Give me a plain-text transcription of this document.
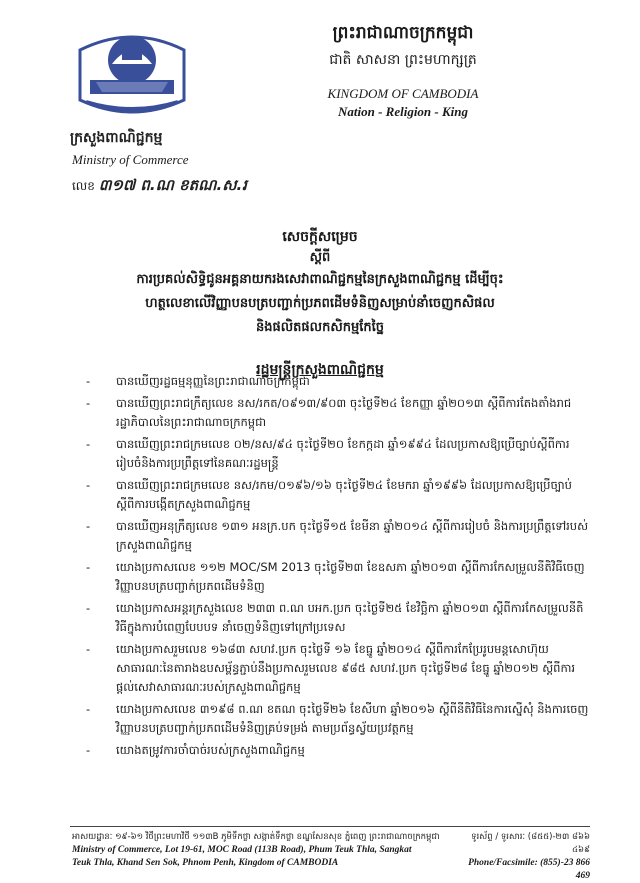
ក្រសួងពាណិជ្ជកម្ម
Ministry of Commerce
លេខ ៣១៧ ព.ណ ខតណ.ស.រ
ព្រះរាជាណាចក្រកម្ពុជា
ជាតិ សាសនា ព្រះមហាក្សត្រ
KINGDOM OF CAMBODIA
Nation - Religion - King
សេចក្តីសម្រេច
ស្តីពី
ការប្រគល់សិទ្ធិជូនអគ្គនាយករងសេវាពាណិជ្ជកម្មនៃក្រសួងពាណិជ្ជកម្ម ដើម្បីចុះ
ហត្ថលេខាលើវិញ្ញាបនបត្របញ្ជាក់ប្រភពដើមទំនិញសម្រាប់នាំចេញកសិផល
និងផលិតផលកសិកម្មកែច្នៃ
រដ្ឋមន្ត្រីក្រសួងពាណិជ្ជកម្ម
- បានឃើញរដ្ឋធម្មនុញ្ញនៃព្រះរាជាណាចក្រកម្ពុជា
- បានឃើញព្រះរាជក្រឹត្យលេខ នស/រកត/០៩១៣/៩០៣ ចុះថ្ងៃទី២៤ ខែកញ្ញា ឆ្នាំ២០១៣ ស្តីពីការតែងតាំងរាជរដ្ឋាភិបាលនៃព្រះរាជាណាចក្រកម្ពុជា
- បានឃើញព្រះរាជក្រមលេខ ០២/នស/៩៤ ចុះថ្ងៃទី២០ ខែកក្កដា ឆ្នាំ១៩៩៤ ដែលប្រកាសឱ្យប្រើច្បាប់ស្តីពីការរៀបចំនិងការប្រព្រឹត្តទៅនៃគណៈរដ្ឋមន្ត្រី
- បានឃើញព្រះរាជក្រមលេខ នស/រកម/០១៩៦/១៦ ចុះថ្ងៃទី២៤ ខែមករា ឆ្នាំ១៩៩៦ ដែលប្រកាសឱ្យប្រើច្បាប់ស្តីពីការបង្កើតក្រសួងពាណិជ្ជកម្ម
- បានឃើញអនុក្រឹត្យលេខ ១៣១ អនក្រ.បក ចុះថ្ងៃទី១៥ ខែមីនា ឆ្នាំ២០១៤ ស្តីពីការរៀបចំ និងការប្រព្រឹត្តទៅរបស់ក្រសួងពាណិជ្ជកម្ម
- យោងប្រកាសលេខ ១១២ MOC/SM 2013 ចុះថ្ងៃទី២៣ ខែឧសភា ឆ្នាំ២០១៣ ស្តីពីការកែសម្រួលនីតិវិធីចេញវិញ្ញាបនបត្របញ្ជាក់ប្រភពដើមទំនិញ
- យោងប្រកាសអន្តរក្រសួងលេខ ២៣៣ ព.ណ បអក.ប្រក ចុះថ្ងៃទី២៥ ខែវិច្ឆិកា ឆ្នាំ២០១៣ ស្តីពីការកែសម្រួលនីតិវិធីក្នុងការបំពេញបែបបទ នាំចេញទំនិញទៅក្រៅប្រទេស
- យោងប្រកាសរួមលេខ ១៦៨៣ សហវ.ប្រក ចុះថ្ងៃទី ១៦ ខែធ្នូ ឆ្នាំ២០១៤ ស្តីពីការកែប្រែរូបមន្តសោហ៊ុយសាធារណៈនៃតារាងឧបសម្ព័ន្ធភ្ជាប់នឹងប្រកាសរួមលេខ ៩៨៥ សហវ.ប្រក ចុះថ្ងៃទី២៨ ខែធ្នូ ឆ្នាំ២០១២ ស្តីពីការផ្តល់សេវាសាធារណៈរបស់ក្រសួងពាណិជ្ជកម្ម
- យោងប្រកាសលេខ ៣១៩៨ ព.ណ ខតណ ចុះថ្ងៃទី២៦ ខែសីហា ឆ្នាំ២០១៦ ស្តីពីនីតិវិធីនៃការស្នើសុំ និងការចេញវិញ្ញាបនបត្របញ្ជាក់ប្រភពដើមទំនិញគ្រប់ទម្រង់ តាមប្រព័ន្ធស្វ័យប្រវត្តកម្ម
- យោងតម្រូវការចាំបាច់របស់ក្រសួងពាណិជ្ជកម្ម
អាសយដ្ឋានៈ ១៩-៦១ វិថីព្រះមហាវិថី ១១៣B ភូមិទឹកថ្លា សង្កាត់ទឹកថ្លា ខណ្ឌសែនសុខ ភ្នំពេញ ព្រះរាជាណាចក្រកម្ពុជា
Ministry of Commerce, Lot 19-61, MOC Road (113B Road), Phum Teuk Thla, Sangkat
Teuk Thla, Khand Sen Sok, Phnom Penh, Kingdom of CAMBODIA
ទូរស័ព្ទ / ទូរសារៈ (៨៥៥)-២៣ ៨៦៦ ៤៦៩
Phone/Facsimile: (855)-23 866 469
